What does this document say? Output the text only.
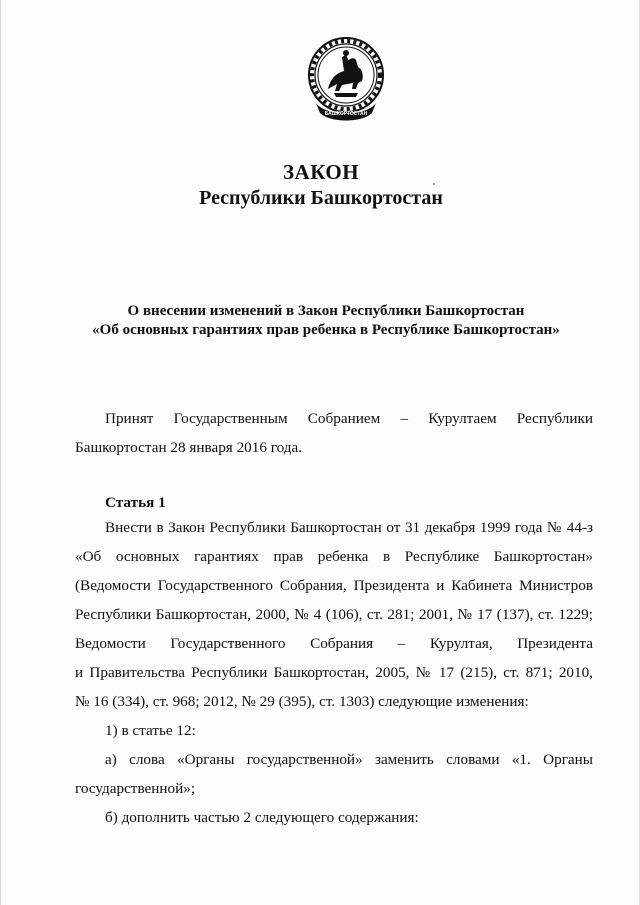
БАШКОРТОСТАН
ЗАКОН
Республики Башкортостан
О внесении изменений в Закон Республики Башкортостан
«Об основных гарантиях прав ребенка в Республике Башкортостан»
Принят Государственным Собранием – Курултаем Республики
Башкортостан 28 января 2016 года.
Статья 1
Внести в Закон Республики Башкортостан от 31 декабря 1999 года № 44-з
«Об основных гарантиях прав ребенка в Республике Башкортостан»
(Ведомости Государственного Собрания, Президента и Кабинета Министров
Республики Башкортостан, 2000, № 4 (106), ст. 281; 2001, № 17 (137), ст. 1229;
Ведомости Государственного Собрания – Курултая, Президента
и Правительства Республики Башкортостан, 2005, № 17 (215), ст. 871; 2010,
№ 16 (334), ст. 968; 2012, № 29 (395), ст. 1303) следующие изменения:
1) в статье 12:
а) слова «Органы государственной» заменить словами «1. Органы
государственной»;
б) дополнить частью 2 следующего содержания:
